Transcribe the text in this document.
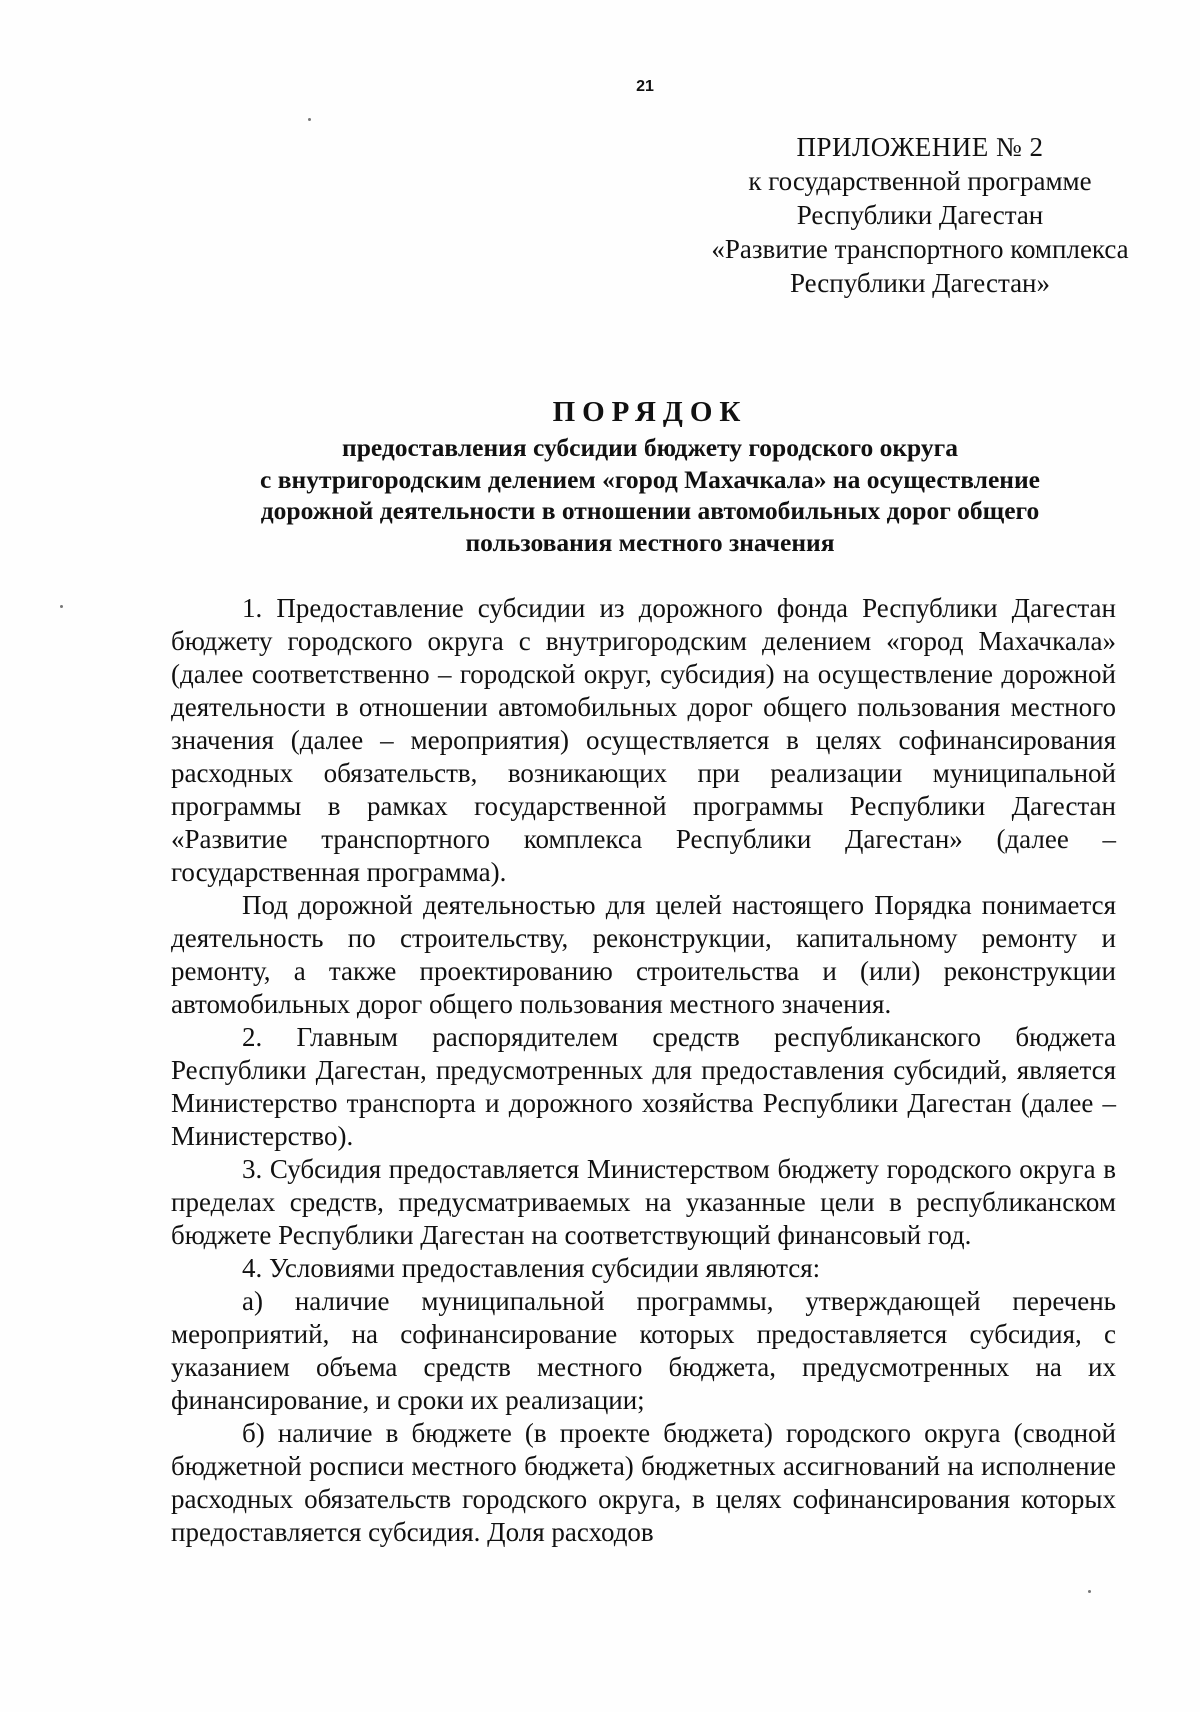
21
ПРИЛОЖЕНИЕ № 2
к государственной программе
Республики Дагестан
«Развитие транспортного комплекса
Республики Дагестан»
ПОРЯДОК
предоставления субсидии бюджету городского округа
с внутригородским делением «город Махачкала» на осуществление
дорожной деятельности в отношении автомобильных дорог общего
пользования местного значения

1. Предоставление субсидии из дорожного фонда Республики Дагестан бюджету городского округа с внутригородским делением «город Махачкала» (далее соответственно – городской округ, субсидия) на осуществление дорожной деятельности в отношении автомобильных дорог общего пользования местного значения (далее – мероприятия) осуществляется в целях софинансирования расходных обязательств, возникающих при реализации муниципальной программы в рамках государственной программы Республики Дагестан «Развитие транспортного комплекса Республики Дагестан» (далее – государственная программа).

Под дорожной деятельностью для целей настоящего Порядка понимается деятельность по строительству, реконструкции, капитальному ремонту и ремонту, а также проектированию строительства и (или) реконструкции автомобильных дорог общего пользования местного значения.

2. Главным распорядителем средств республиканского бюджета Республики Дагестан, предусмотренных для предоставления субсидий, является Министерство транспорта и дорожного хозяйства Республики Дагестан (далее – Министерство).

3. Субсидия предоставляется Министерством бюджету городского округа в пределах средств, предусматриваемых на указанные цели в республиканском бюджете Республики Дагестан на соответствующий финансовый год.

4. Условиями предоставления субсидии являются:

а) наличие муниципальной программы, утверждающей перечень мероприятий, на софинансирование которых предоставляется субсидия, с указанием объема средств местного бюджета, предусмотренных на их финансирование, и сроки их реализации;

б) наличие в бюджете (в проекте бюджета) городского округа (сводной бюджетной росписи местного бюджета) бюджетных ассигнований на исполнение расходных обязательств городского округа, в целях софинансирования которых предоставляется субсидия. Доля расходов
